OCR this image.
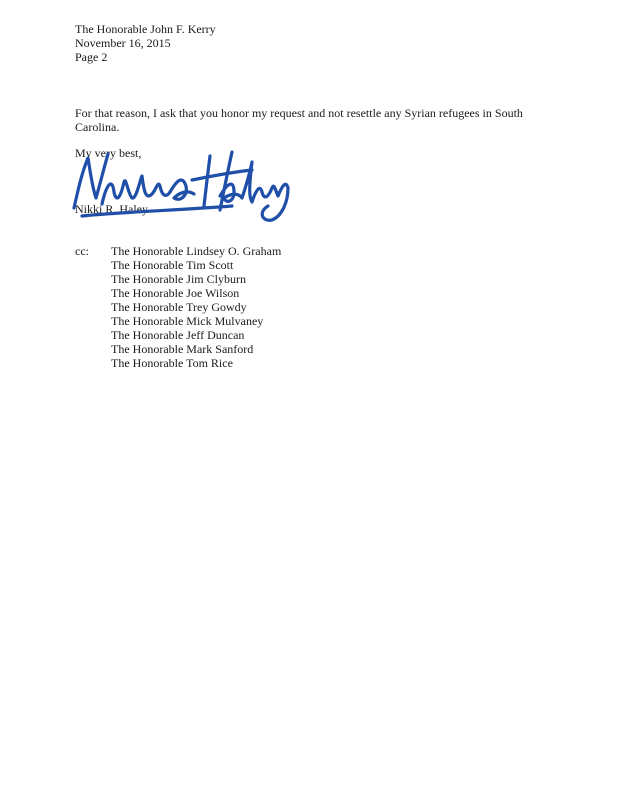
The Honorable John F. Kerry
November 16, 2015
Page 2
For that reason, I ask that you honor my request and not resettle any Syrian refugees in South Carolina.
My very best,
Nikki R. Haley
cc: The Honorable Lindsey O. Graham
The Honorable Tim Scott
The Honorable Jim Clyburn
The Honorable Joe Wilson
The Honorable Trey Gowdy
The Honorable Mick Mulvaney
The Honorable Jeff Duncan
The Honorable Mark Sanford
The Honorable Tom Rice
